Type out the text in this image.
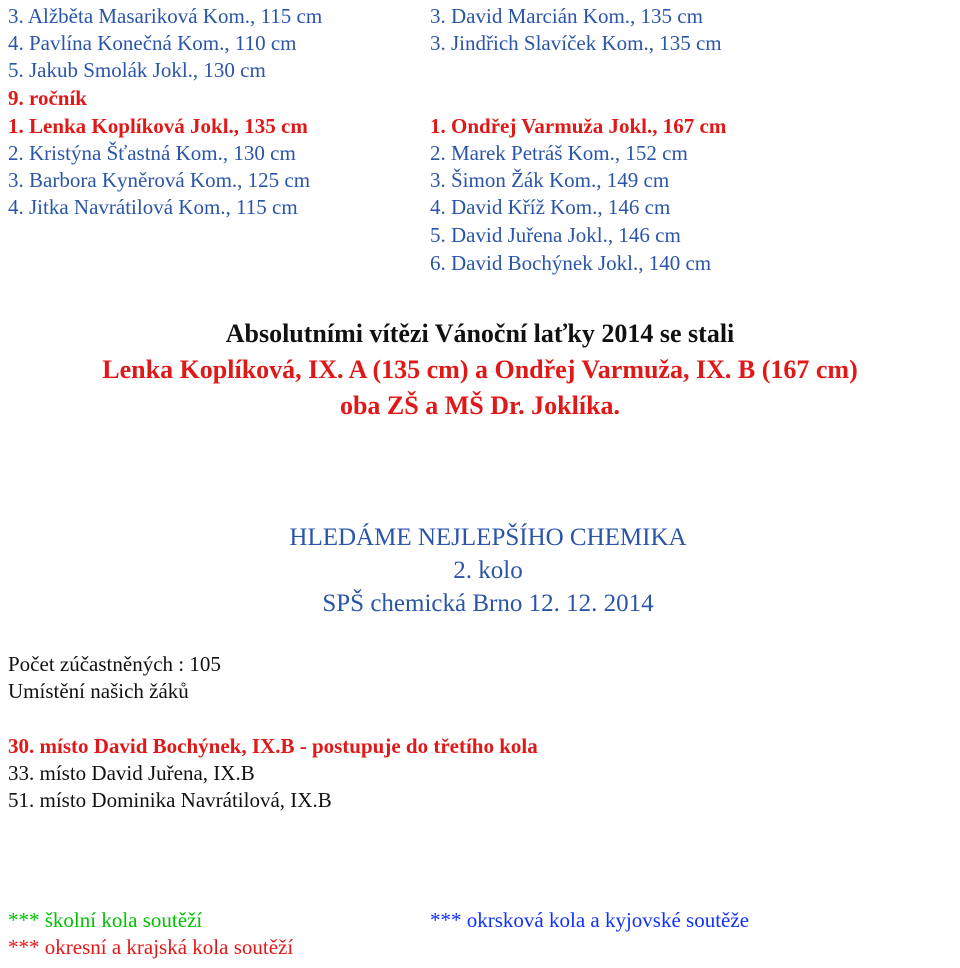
3. Alžběta Masariková Kom., 115 cm
4. Pavlína Konečná Kom., 110 cm
5. Jakub Smolák Jokl., 130 cm
3. David Marcián Kom., 135 cm
3. Jindřich Slavíček Kom., 135 cm
9. ročník
1. Lenka Koplíková Jokl., 135 cm
2. Kristýna Šťastná Kom., 130 cm
3. Barbora Kyněrová Kom., 125 cm
4. Jitka Navrátilová Kom., 115 cm
1. Ondřej Varmuža Jokl., 167 cm
2. Marek Petráš Kom., 152 cm
3. Šimon Žák Kom., 149 cm
4. David Kříž Kom., 146 cm
5. David Juřena Jokl., 146 cm
6. David Bochýnek Jokl., 140 cm
Absolutními vítězi Vánoční laťky 2014 se stali
Lenka Koplíková, IX. A (135 cm) a Ondřej Varmuža, IX. B (167 cm)
oba ZŠ a MŠ Dr. Joklíka.
HLEDÁME NEJLEPŠÍHO CHEMIKA
2. kolo
SPŠ chemická Brno 12. 12. 2014
Počet zúčastněných : 105
Umístění našich žáků
30. místo David Bochýnek, IX.B - postupuje do třetího kola
33. místo David Juřena, IX.B
51. místo Dominika Navrátilová, IX.B
*** školní kola soutěží	*** okrsková kola a kyjovské soutěže
*** okresní a krajská kola soutěží
